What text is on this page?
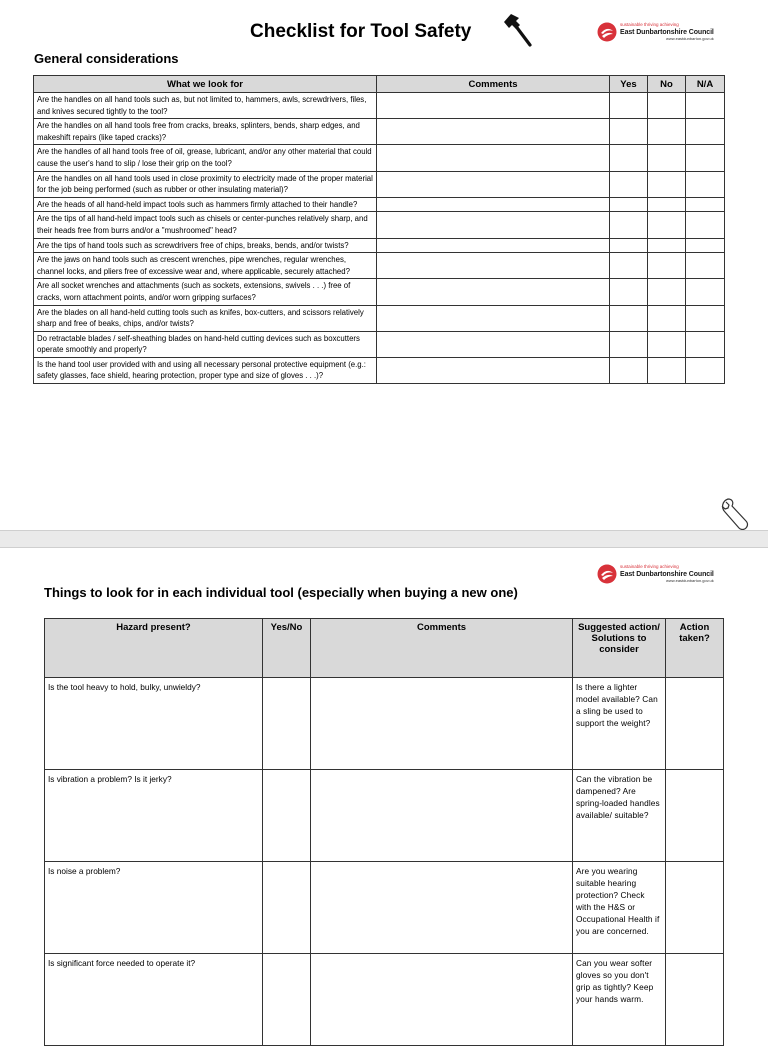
Checklist for Tool Safety	sustainable thriving achieving
East Dunbartonshire Council
www.eastdunbarton.gov.uk
General considerations
What we look for	Comments	Yes	No	N/A
Are the handles on all hand tools such as, but not limited to, hammers, awls, screwdrivers, files, and knives secured tightly to the tool?				
Are the handles on all hand tools free from cracks, breaks, splinters, bends, sharp edges, and makeshift repairs (like taped cracks)?				
Are the handles of all hand tools free of oil, grease, lubricant, and/or any other material that could cause the user's hand to slip / lose their grip on the tool?				
Are the handles on all hand tools used in close proximity to electricity made of the proper material for the job being performed (such as rubber or other insulating material)?				
Are the heads of all hand-held impact tools such as hammers firmly attached to their handle?				
Are the tips of all hand-held impact tools such as chisels or center-punches relatively sharp, and their heads free from burrs and/or a "mushroomed" head?				
Are the tips of hand tools such as screwdrivers free of chips, breaks, bends, and/or twists?				
Are the jaws on hand tools such as crescent wrenches, pipe wrenches, regular wrenches, channel locks, and pliers free of excessive wear and, where applicable, securely attached?				
Are all socket wrenches and attachments (such as sockets, extensions, swivels . . .) free of cracks, worn attachment points, and/or worn gripping surfaces?				
Are the blades on all hand-held cutting tools such as knifes, box-cutters, and scissors relatively sharp and free of beaks, chips, and/or twists?				
Do retractable blades / self-sheathing blades on hand-held cutting devices such as boxcutters operate smoothly and properly?				
Is the hand tool user provided with and using all necessary personal protective equipment (e.g.: safety glasses, face shield, hearing protection, proper type and size of gloves . . .)?				
sustainable thriving achieving
East Dunbartonshire Council
www.eastdunbarton.gov.uk
Things to look for in each individual tool (especially when buying a new one)
Hazard present?	Yes/No	Comments	Suggested action/ Solutions to consider	Action taken?
Is the tool heavy to hold, bulky, unwieldy?			Is there a lighter model available? Can a sling be used to support the weight?	
Is vibration a problem? Is it jerky?			Can the vibration be dampened? Are spring-loaded handles available/ suitable?	
Is noise a problem?			Are you wearing suitable hearing protection? Check with the H&S or Occupational Health if you are concerned.	
Is significant force needed to operate it?			Can you wear softer gloves so you don't grip as tightly? Keep your hands warm.	
